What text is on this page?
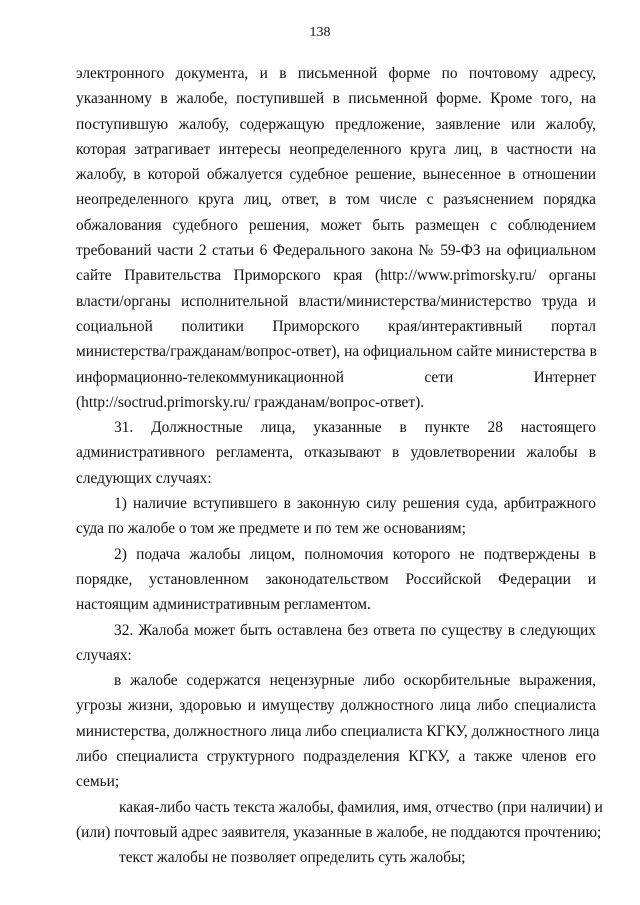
138
электронного документа, и в письменной форме по почтовому адресу,
указанному в жалобе, поступившей в письменной форме. Кроме того, на
поступившую жалобу, содержащую предложение, заявление или жалобу,
которая затрагивает интересы неопределенного круга лиц, в частности на
жалобу, в которой обжалуется судебное решение, вынесенное в отношении
неопределенного круга лиц, ответ, в том числе с разъяснением порядка
обжалования судебного решения, может быть размещен с соблюдением
требований части 2 статьи 6 Федерального закона № 59-ФЗ на официальном
сайте Правительства Приморского края (http://www.primorsky.ru/ органы
власти/органы исполнительной власти/министерства/министерство труда и
социальной политики Приморского края/интерактивный портал
министерства/гражданам/вопрос-ответ), на официальном сайте министерства в
информационно-телекоммуникационной сети Интернет
(http://soctrud.primorsky.ru/ гражданам/вопрос-ответ).
31. Должностные лица, указанные в пункте 28 настоящего
административного регламента, отказывают в удовлетворении жалобы в
следующих случаях:
1) наличие вступившего в законную силу решения суда, арбитражного
суда по жалобе о том же предмете и по тем же основаниям;
2) подача жалобы лицом, полномочия которого не подтверждены в
порядке, установленном законодательством Российской Федерации и
настоящим административным регламентом.
32. Жалоба может быть оставлена без ответа по существу в следующих
случаях:
в жалобе содержатся нецензурные либо оскорбительные выражения,
угрозы жизни, здоровью и имуществу должностного лица либо специалиста
министерства, должностного лица либо специалиста КГКУ, должностного лица
либо специалиста структурного подразделения КГКУ, а также членов его
семьи;
какая-либо часть текста жалобы, фамилия, имя, отчество (при наличии) и
(или) почтовый адрес заявителя, указанные в жалобе, не поддаются прочтению;
текст жалобы не позволяет определить суть жалобы;
